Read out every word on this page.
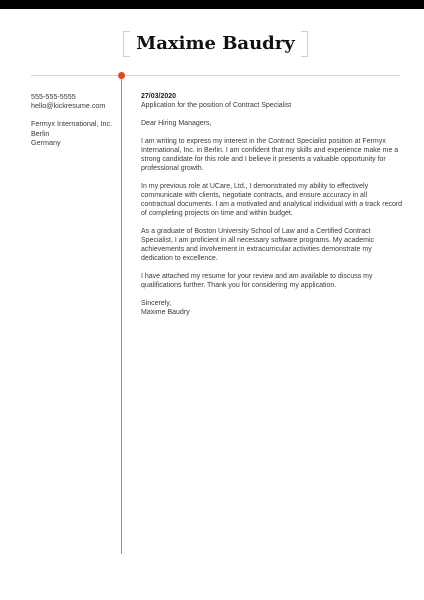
Maxime Baudry
555-555-5555
hello@kickresume.com
Fermyx International, Inc.
Berlin
Germany
27/03/2020
Application for the position of Contract Specialist
Dear Hiring Managers,

I am writing to express my interest in the Contract Specialist position at Fermyx International, Inc. in Berlin. I am confident that my skills and experience make me a strong candidate for this role and I believe it presents a valuable opportunity for professional growth.

In my previous role at UCare, Ltd., I demonstrated my ability to effectively communicate with clients, negotiate contracts, and ensure accuracy in all contractual documents. I am a motivated and analytical individual with a track record of completing projects on time and within budget.

As a graduate of Boston University School of Law and a Certified Contract Specialist, I am proficient in all necessary software programs. My academic achievements and involvement in extracurricular activities demonstrate my dedication to excellence.

I have attached my resume for your review and am available to discuss my qualifications further. Thank you for considering my application.

Sincerely,
Maxime Baudry
